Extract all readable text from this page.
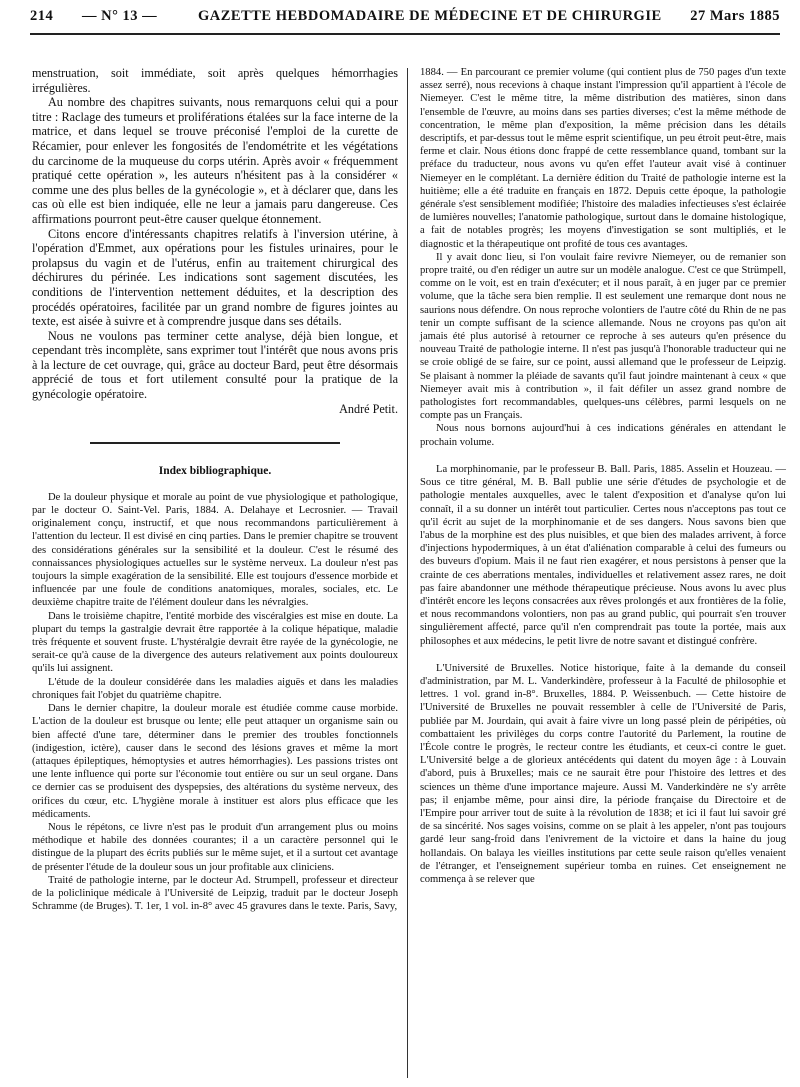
214 — N° 13 —	GAZETTE HEBDOMADAIRE DE MÉDECINE ET DE CHIRURGIE 27 Mars 1885

menstruation, soit immédiate, soit après quelques hémorrhagies irrégulières.

Au nombre des chapitres suivants, nous remarquons celui qui a pour titre : Raclage des tumeurs et proliférations étalées sur la face interne de la matrice, et dans lequel se trouve préconisé l'emploi de la curette de Récamier, pour enlever les fongosités de l'endométrite et les végétations du carcinome de la muqueuse du corps utérin. Après avoir « fréquemment pratiqué cette opération », les auteurs n'hésitent pas à la considérer « comme une des plus belles de la gynécologie », et à déclarer que, dans les cas où elle est bien indiquée, elle ne leur a jamais paru dangereuse. Ces affirmations pourront peut-être causer quelque étonnement.

Citons encore d'intéressants chapitres relatifs à l'inversion utérine, à l'opération d'Emmet, aux opérations pour les fistules urinaires, pour le prolapsus du vagin et de l'utérus, enfin au traitement chirurgical des déchirures du périnée. Les indications sont sagement discutées, les conditions de l'intervention nettement déduites, et la description des procédés opératoires, facilitée par un grand nombre de figures jointes au texte, est aisée à suivre et à comprendre jusque dans ses détails.

Nous ne voulons pas terminer cette analyse, déjà bien longue, et cependant très incomplète, sans exprimer tout l'intérêt que nous avons pris à la lecture de cet ouvrage, qui, grâce au docteur Bard, peut être désormais apprécié de tous et fort utilement consulté pour la pratique de la gynécologie opératoire.

André Petit.

Index bibliographique.

De la douleur physique et morale au point de vue physiologique et pathologique, par le docteur O. Saint-Vel. Paris, 1884. A. Delahaye et Lecrosnier. — Travail originalement conçu, instructif, et que nous recommandons particulièrement à l'attention du lecteur. Il est divisé en cinq parties. Dans le premier chapitre se trouvent des considérations générales sur la sensibilité et la douleur. C'est le résumé des connaissances physiologiques actuelles sur le système nerveux. La douleur n'est pas toujours la simple exagération de la sensibilité. Elle est toujours d'essence morbide et influencée par une foule de conditions anatomiques, morales, sociales, etc. Le deuxième chapitre traite de l'élément douleur dans les névralgies.

Dans le troisième chapitre, l'entité morbide des viscéralgies est mise en doute. La plupart du temps la gastralgie devrait être rapportée à la colique hépatique, maladie très fréquente et souvent fruste. L'hystéralgie devrait être rayée de la gynécologie, ne serait-ce qu'à cause de la divergence des auteurs relativement aux points douloureux qu'ils lui assignent.

L'étude de la douleur considérée dans les maladies aiguës et dans les maladies chroniques fait l'objet du quatrième chapitre.

Dans le dernier chapitre, la douleur morale est étudiée comme cause morbide. L'action de la douleur est brusque ou lente; elle peut attaquer un organisme sain ou bien affecté d'une tare, déterminer dans le premier des troubles fonctionnels (indigestion, ictère), causer dans le second des lésions graves et même la mort (attaques épileptiques, hémoptysies et autres hémorrhagies). Les passions tristes ont une lente influence qui porte sur l'économie tout entière ou sur un seul organe. Dans ce dernier cas se produisent des dyspepsies, des altérations du système nerveux, des orifices du cœur, etc. L'hygiène morale à instituer est alors plus efficace que les médicaments.

Nous le répétons, ce livre n'est pas le produit d'un arrangement plus ou moins méthodique et habile des données courantes; il a un caractère personnel qui le distingue de la plupart des écrits publiés sur le même sujet, et il a surtout cet avantage de présenter l'étude de la douleur sous un jour profitable aux cliniciens.

Traité de pathologie interne, par le docteur Ad. Strumpell, professeur et directeur de la policlinique médicale à l'Université de Leipzig, traduit par le docteur Joseph Schramme (de Bruges). T. 1er, 1 vol. in-8° avec 45 gravures dans le texte. Paris, Savy,

1884. — En parcourant ce premier volume (qui contient plus de 750 pages d'un texte assez serré), nous recevions à chaque instant l'impression qu'il appartient à l'école de Niemeyer. C'est le même titre, la même distribution des matières, sinon dans l'ensemble de l'œuvre, au moins dans ses parties diverses; c'est la même méthode de concentration, le même plan d'exposition, la même précision dans les détails descriptifs, et par-dessus tout le même esprit scientifique, un peu étroit peut-être, mais ferme et clair. Nous étions donc frappé de cette ressemblance quand, tombant sur la préface du traducteur, nous avons vu qu'en effet l'auteur avait visé à continuer Niemeyer en le complétant. La dernière édition du Traité de pathologie interne est la huitième; elle a été traduite en français en 1872. Depuis cette époque, la pathologie générale s'est sensiblement modifiée; l'histoire des maladies infectieuses s'est éclairée de lumières nouvelles; l'anatomie pathologique, surtout dans le domaine histologique, a fait de notables progrès; les moyens d'investigation se sont multipliés, et le diagnostic et la thérapeutique ont profité de tous ces avantages.

Il y avait donc lieu, si l'on voulait faire revivre Niemeyer, ou de remanier son propre traité, ou d'en rédiger un autre sur un modèle analogue. C'est ce que Strümpell, comme on le voit, est en train d'exécuter; et il nous paraît, à en juger par ce premier volume, que la tâche sera bien remplie. Il est seulement une remarque dont nous ne saurions nous défendre. On nous reproche volontiers de l'autre côté du Rhin de ne pas tenir un compte suffisant de la science allemande. Nous ne croyons pas qu'on ait jamais été plus autorisé à retourner ce reproche à ses auteurs qu'en présence du nouveau Traité de pathologie interne. Il n'est pas jusqu'à l'honorable traducteur qui ne se croie obligé de se faire, sur ce point, aussi allemand que le professeur de Leipzig. Se plaisant à nommer la pléiade de savants qu'il faut joindre maintenant à ceux « que Niemeyer avait mis à contribution », il fait défiler un assez grand nombre de pathologistes fort recommandables, quelques-uns célèbres, parmi lesquels on ne compte pas un Français.

Nous nous bornons aujourd'hui à ces indications générales en attendant le prochain volume.

La morphinomanie, par le professeur B. Ball. Paris, 1885. Asselin et Houzeau. — Sous ce titre général, M. B. Ball publie une série d'études de psychologie et de pathologie mentales auxquelles, avec le talent d'exposition et d'analyse qu'on lui connaît, il a su donner un intérêt tout particulier. Certes nous n'acceptons pas tout ce qu'il écrit au sujet de la morphinomanie et de ses dangers. Nous savons bien que l'abus de la morphine est des plus nuisibles, et que bien des malades arrivent, à force d'injections hypodermiques, à un état d'aliénation comparable à celui des fumeurs ou des buveurs d'opium. Mais il ne faut rien exagérer, et nous persistons à penser que la crainte de ces aberrations mentales, individuelles et relativement assez rares, ne doit pas faire abandonner une méthode thérapeutique précieuse. Nous avons lu avec plus d'intérêt encore les leçons consacrées aux rêves prolongés et aux frontières de la folie, et nous recommandons volontiers, non pas au grand public, qui pourrait s'en trouver singulièrement affecté, parce qu'il n'en comprendrait pas toute la portée, mais aux philosophes et aux médecins, le petit livre de notre savant et distingué confrère.

L'Université de Bruxelles. Notice historique, faite à la demande du conseil d'administration, par M. L. Vanderkindère, professeur à la Faculté de philosophie et lettres. 1 vol. grand in-8°. Bruxelles, 1884. P. Weissenbuch. — Cette histoire de l'Université de Bruxelles ne pouvait ressembler à celle de l'Université de Paris, publiée par M. Jourdain, qui avait à faire vivre un long passé plein de péripéties, où combattaient les privilèges du corps contre l'autorité du Parlement, la routine de l'École contre le progrès, le recteur contre les étudiants, et ceux-ci contre le guet. L'Université belge a de glorieux antécédents qui datent du moyen âge : à Louvain d'abord, puis à Bruxelles; mais ce ne saurait être pour l'histoire des lettres et des sciences un thème d'une importance majeure. Aussi M. Vanderkindère ne s'y arrête pas; il enjambe même, pour ainsi dire, la période française du Directoire et de l'Empire pour arriver tout de suite à la révolution de 1838; et ici il faut lui savoir gré de sa sincérité. Nos sages voisins, comme on se plait à les appeler, n'ont pas toujours gardé leur sang-froid dans l'enivrement de la victoire et dans la haine du joug hollandais. On balaya les vieilles institutions par cette seule raison qu'elles venaient de l'étranger, et l'enseignement supérieur tomba en ruines. Cet enseignement ne commença à se relever que
